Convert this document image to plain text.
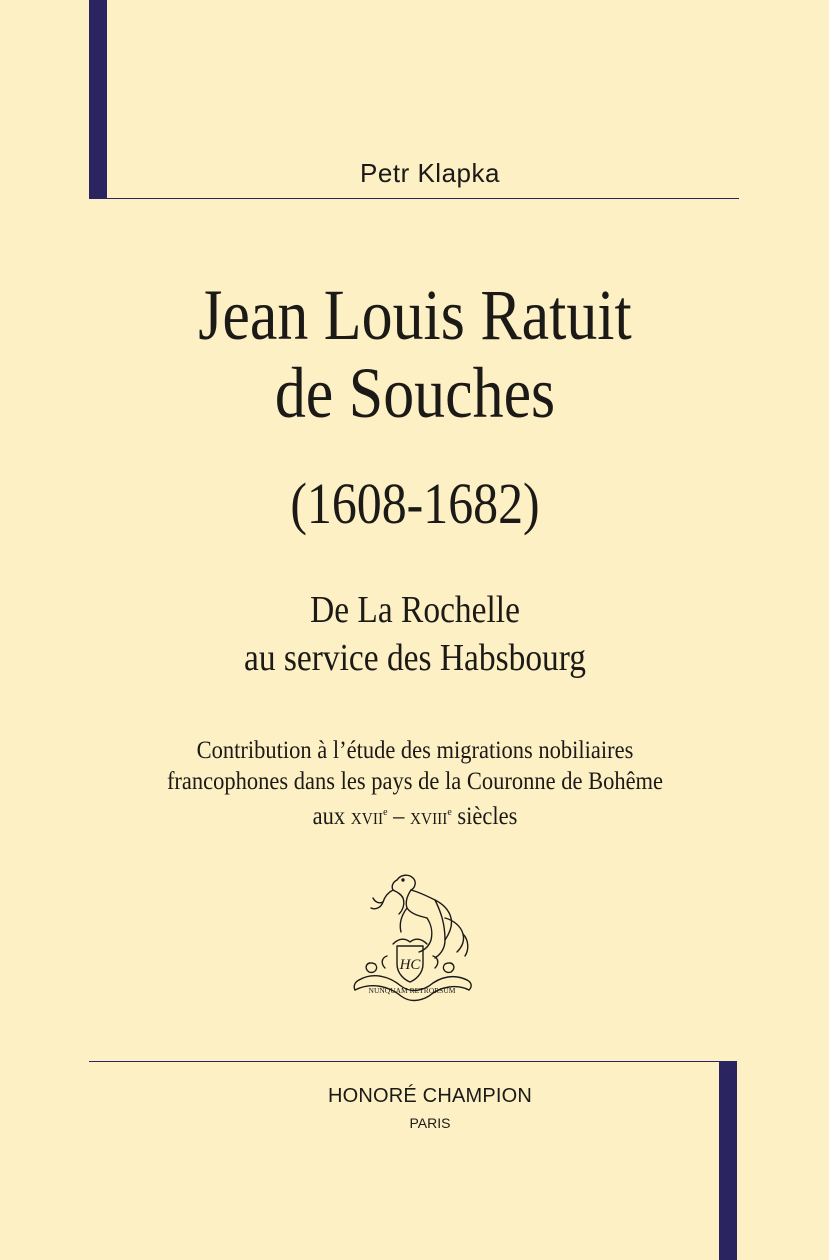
Petr Klapka
Jean Louis Ratuit
de Souches
(1608-1682)
De La Rochelle
au service des Habsbourg
Contribution à l’étude des migrations nobiliaires
francophones dans les pays de la Couronne de Bohême
aux XVIIe – XVIIIe siècles
HC
NUNQUAM RETRORSUM
HONORÉ CHAMPION
PARIS
